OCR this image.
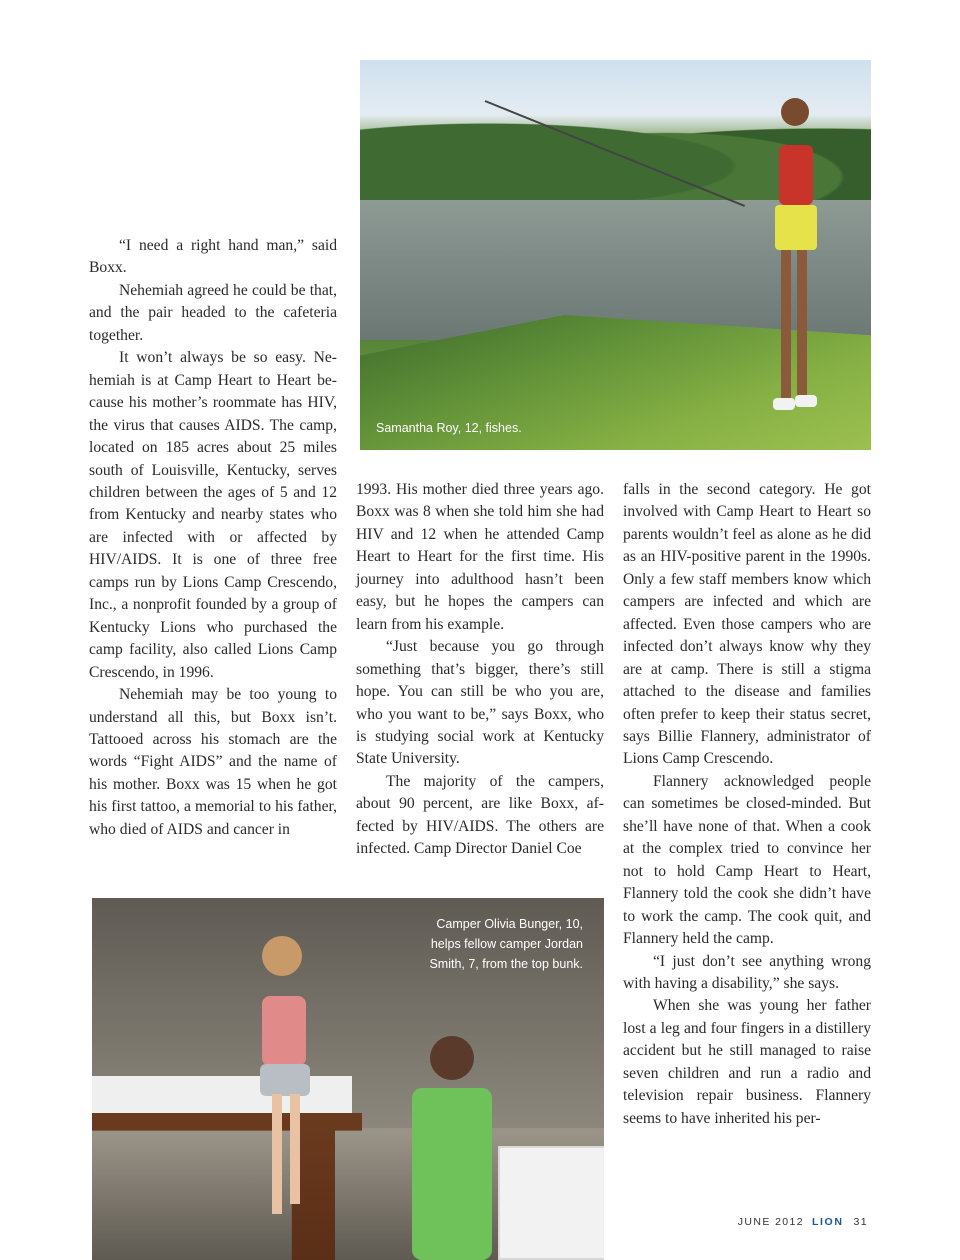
Samantha Roy, 12, fishes.

“I need a right hand man,” said Boxx.

Nehemiah agreed he could be that, and the pair headed to the cafeteria together.

It won’t always be so easy. Nehemiah is at Camp Heart to Heart because his mother’s roommate has HIV, the virus that causes AIDS. The camp, located on 185 acres about 25 miles south of Louisville, Kentucky, serves children between the ages of 5 and 12 from Kentucky and nearby states who are infected with or affected by HIV/AIDS. It is one of three free camps run by Lions Camp Crescendo, Inc., a nonprofit founded by a group of Kentucky Lions who purchased the camp facility, also called Lions Camp Crescendo, in 1996.

Nehemiah may be too young to understand all this, but Boxx isn’t. Tattooed across his stomach are the words “Fight AIDS” and the name of his mother. Boxx was 15 when he got his first tattoo, a memorial to his father, who died of AIDS and cancer in

1993. His mother died three years ago. Boxx was 8 when she told him she had HIV and 12 when he attended Camp Heart to Heart for the first time. His journey into adulthood hasn’t been easy, but he hopes the campers can learn from his example.

“Just because you go through something that’s bigger, there’s still hope. You can still be who you are, who you want to be,” says Boxx, who is studying social work at Kentucky State University.

The majority of the campers, about 90 percent, are like Boxx, affected by HIV/AIDS. The others are infected. Camp Director Daniel Coe

falls in the second category. He got involved with Camp Heart to Heart so parents wouldn’t feel as alone as he did as an HIV-positive parent in the 1990s. Only a few staff members know which campers are infected and which are affected. Even those campers who are infected don’t always know why they are at camp. There is still a stigma attached to the disease and families often prefer to keep their status secret, says Billie Flannery, administrator of Lions Camp Crescendo.

Flannery acknowledged people can sometimes be closed-minded. But she’ll have none of that. When a cook at the complex tried to convince her not to hold Camp Heart to Heart, Flannery told the cook she didn’t have to work the camp. The cook quit, and Flannery held the camp.

“I just don’t see anything wrong with having a disability,” she says.

When she was young her father lost a leg and four fingers in a distillery accident but he still managed to raise seven children and run a radio and television repair business. Flannery seems to have inherited his per-

Camper Olivia Bunger, 10,
helps fellow camper Jordan
Smith, 7, from the top bunk.
JUNE 2012 LION 31
